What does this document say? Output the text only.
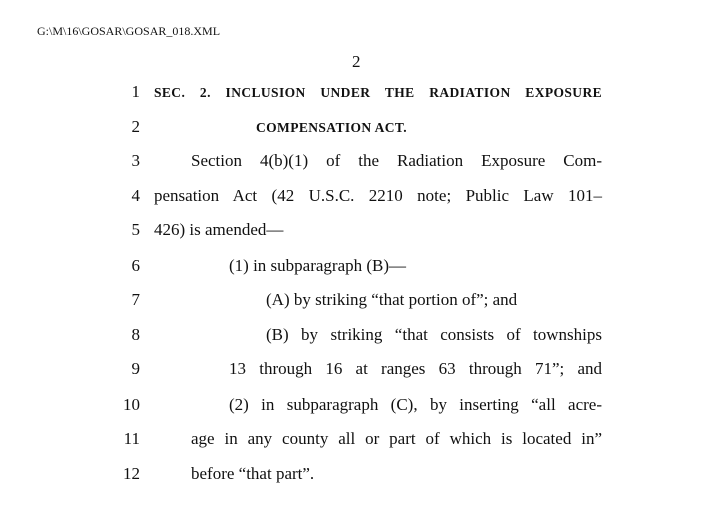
G:\M\16\GOSAR\GOSAR_018.XML
2
1 SEC. 2. INCLUSION UNDER THE RADIATION EXPOSURE
2	COMPENSATION ACT.
3	Section 4(b)(1) of the Radiation Exposure Com-
4 pensation Act (42 U.S.C. 2210 note; Public Law 101–
5 426) is amended—
6	(1) in subparagraph (B)—
7	(A) by striking “that portion of”; and
8	(B) by striking “that consists of townships
9	13 through 16 at ranges 63 through 71”; and
10	(2) in subparagraph (C), by inserting “all acre-
11	age in any county all or part of which is located in”
12	before “that part”.
